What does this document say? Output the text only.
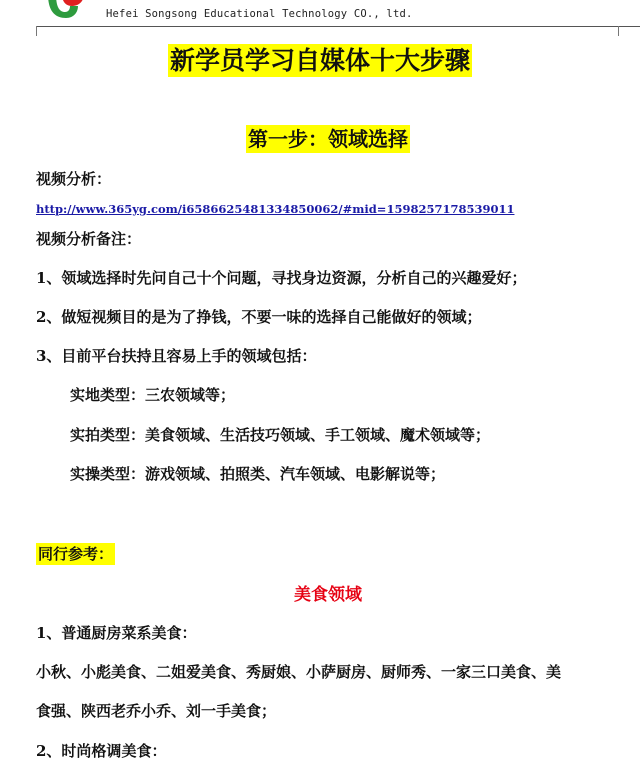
Hefei Songsong Educational Technology CO., ltd.
新学员学习自媒体十大步骤
第一步：领域选择
视频分析：
http://www.365yg.com/i6586625481334850062/#mid=1598257178539011
视频分析备注：
1、领域选择时先问自己十个问题，寻找身边资源，分析自己的兴趣爱好；
2、做短视频目的是为了挣钱，不要一味的选择自己能做好的领域；
3、目前平台扶持且容易上手的领域包括：
实地类型：三农领域等；
实拍类型：美食领域、生活技巧领域、手工领域、魔术领域等；
实操类型：游戏领域、拍照类、汽车领域、电影解说等；
同行参考：
美食领域
1、普通厨房菜系美食：
小秋、小彪美食、二姐爱美食、秀厨娘、小萨厨房、厨师秀、一家三口美食、美
食强、陕西老乔小乔、刘一手美食；
2、时尚格调美食：
